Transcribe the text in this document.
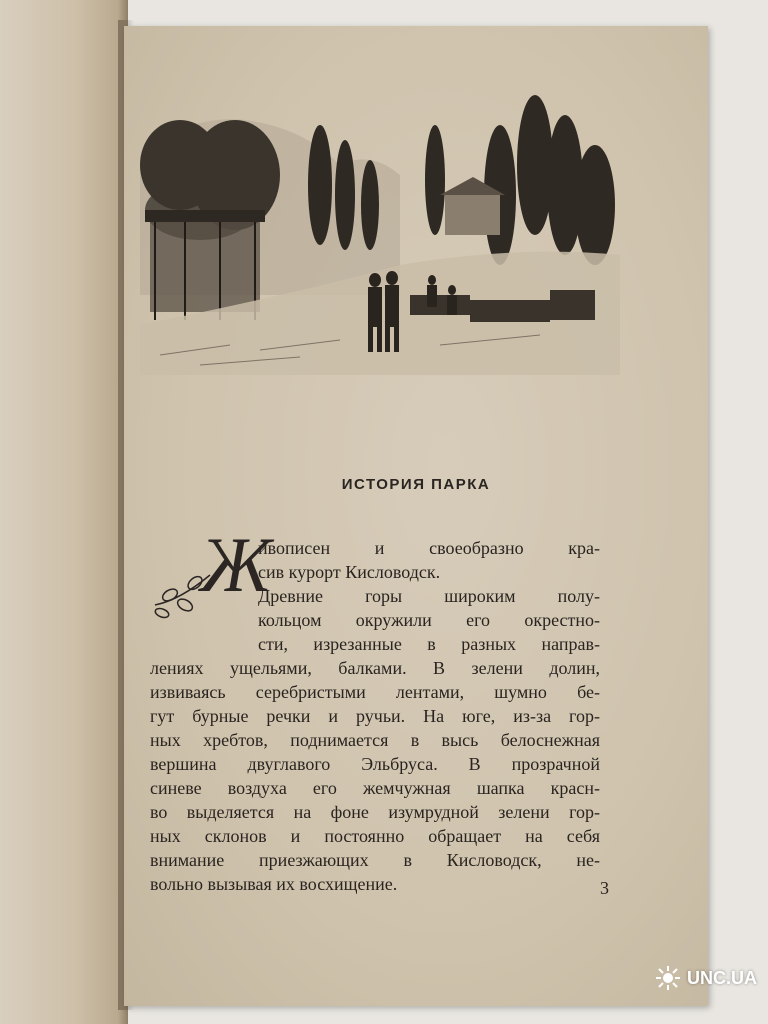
ИСТОРИЯ ПАРКА
Ж
ивописен и своеобразно кра-
сив курорт Кисловодск.
Древние горы широким полу-
кольцом окружили его окрестно-
сти, изрезанные в разных направ-
лениях ущельями, балками. В зелени долин,
извиваясь серебристыми лентами, шумно бе-
гут бурные речки и ручьи. На юге, из-за гор-
ных хребтов, поднимается в высь белоснежная
вершина двуглавого Эльбруса. В прозрачной
синеве воздуха его жемчужная шапка красн-
во выделяется на фоне изумрудной зелени гор-
ных склонов и постоянно обращает на себя
внимание приезжающих в Кисловодск, не-
вольно вызывая их восхищение.	3
UNC.UA
